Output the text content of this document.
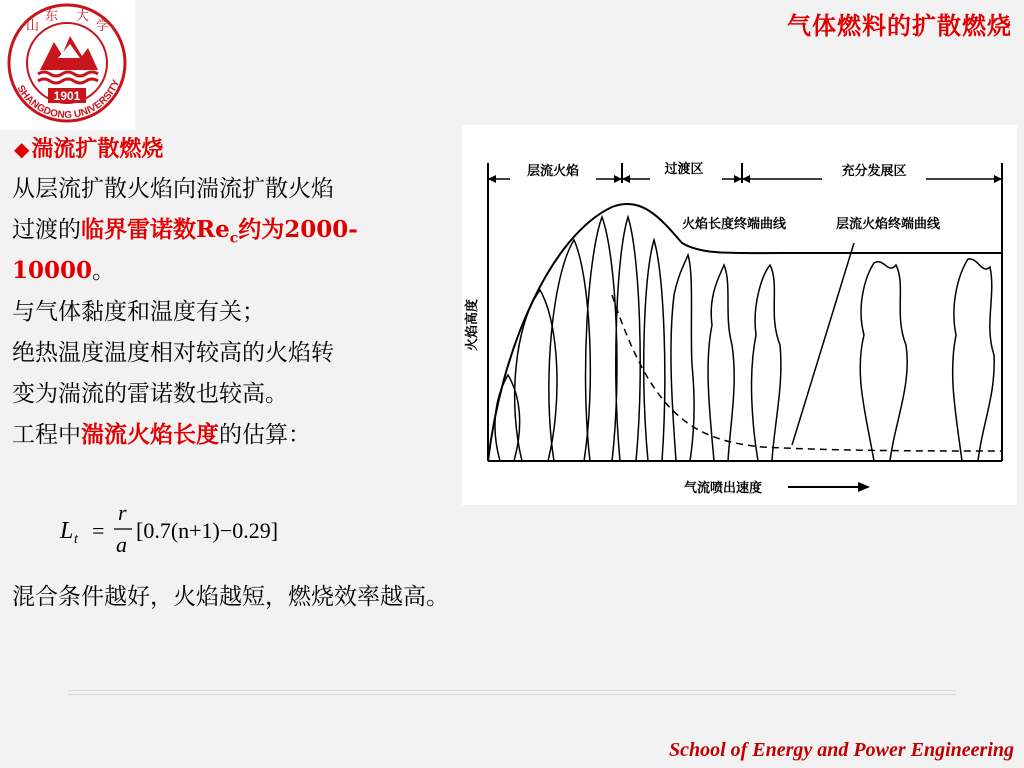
山
东 大
学
1901
SHANGDONG UNIVERSITY
气体燃料的扩散燃烧
◆湍流扩散燃烧
从层流扩散火焰向湍流扩散火焰
过渡的临界雷诺数$Re_c$约为2000-
10000。
与气体黏度和温度有关；
绝热温度温度相对较高的火焰转
变为湍流的雷诺数也较高。
工程中湍流火焰长度的估算：
层流火焰	过渡区	充分发展区
火焰高度
火焰长度终端曲线	层流火焰终端曲线
气流喷出速度
L t =
r
a
[0.7(n+1)−0.29]
混合条件越好，火焰越短，燃烧效率越高。
School of Energy and Power Engineering
